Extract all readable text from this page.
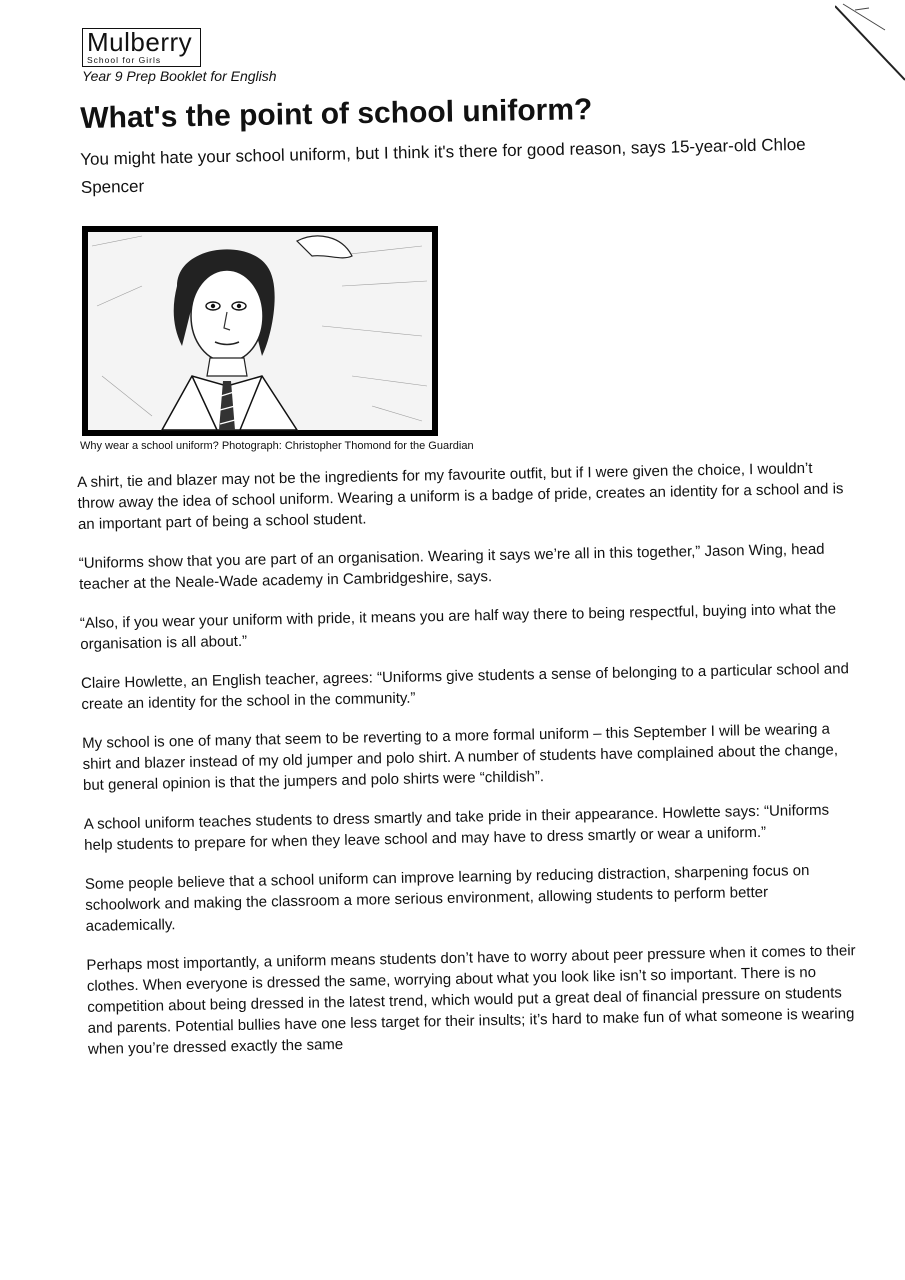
Mulberry
School for Girls
Year 9 Prep Booklet for English
What's the point of school uniform?
You might hate your school uniform, but I think it's there for good reason, says 15-year-old Chloe Spencer
Why wear a school uniform? Photograph: Christopher Thomond for the Guardian

A shirt, tie and blazer may not be the ingredients for my favourite outfit, but if I were given the choice, I wouldn’t throw away the idea of school uniform. Wearing a uniform is a badge of pride, creates an identity for a school and is an important part of being a school student.

“Uniforms show that you are part of an organisation. Wearing it says we’re all in this together,” Jason Wing, head teacher at the Neale-Wade academy in Cambridgeshire, says.

“Also, if you wear your uniform with pride, it means you are half way there to being respectful, buying into what the organisation is all about.”

Claire Howlette, an English teacher, agrees: “Uniforms give students a sense of belonging to a particular school and create an identity for the school in the community.”

My school is one of many that seem to be reverting to a more formal uniform – this September I will be wearing a shirt and blazer instead of my old jumper and polo shirt. A number of students have complained about the change, but general opinion is that the jumpers and polo shirts were “childish”.

A school uniform teaches students to dress smartly and take pride in their appearance. Howlette says: “Uniforms help students to prepare for when they leave school and may have to dress smartly or wear a uniform.”

Some people believe that a school uniform can improve learning by reducing distraction, sharpening focus on schoolwork and making the classroom a more serious environment, allowing students to perform better academically.

Perhaps most importantly, a uniform means students don’t have to worry about peer pressure when it comes to their clothes. When everyone is dressed the same, worrying about what you look like isn’t so important. There is no competition about being dressed in the latest trend, which would put a great deal of financial pressure on students and parents. Potential bullies have one less target for their insults; it’s hard to make fun of what someone is wearing when you’re dressed exactly the same
